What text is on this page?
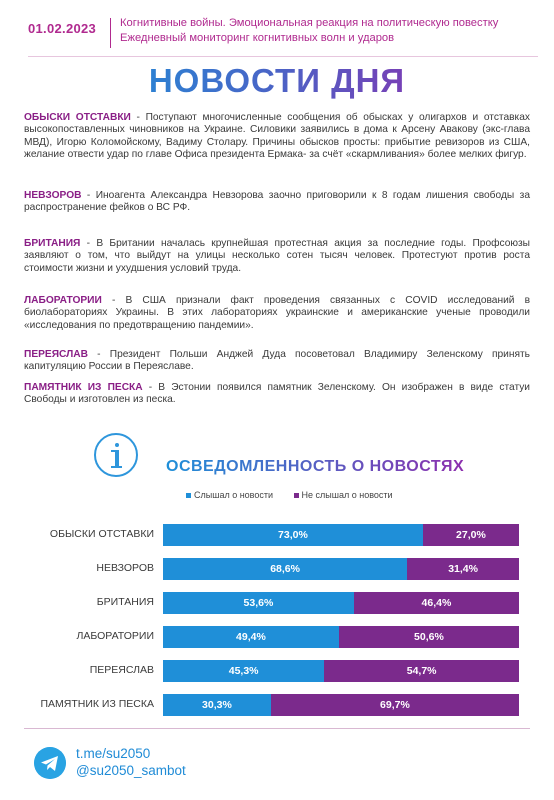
01.02.2023 Когнитивные войны. Эмоциональная реакция на политическую повестку
Ежедневный мониторинг когнитивных волн и ударов
НОВОСТИ ДНЯ
ОБЫСКИ ОТСТАВКИ - Поступают многочисленные сообщения об обысках у олигархов и отставках высокопоставленных чиновников на Украине. Силовики заявились в дома к Арсену Авакову (экс-глава МВД), Игорю Коломойскому, Вадиму Столару. Причины обысков просты: прибытие ревизоров из США, желание отвести удар по главе Офиса президента Ермака- за счёт «скармливания» более мелких фигур.
НЕВЗОРОВ - Иноагента Александра Невзорова заочно приговорили к 8 годам лишения свободы за распространение фейков о ВС РФ.
БРИТАНИЯ - В Британии началась крупнейшая протестная акция за последние годы. Профсоюзы заявляют о том, что выйдут на улицы несколько сотен тысяч человек. Протестуют против роста стоимости жизни и ухудшения условий труда.
ЛАБОРАТОРИИ - В США признали факт проведения связанных с COVID исследований в биолабораториях Украины. В этих лабораториях украинские и американские ученые проводили «исследования по предотвращению пандемии».
ПЕРЕЯСЛАВ - Президент Польши Анджей Дуда посоветовал Владимиру Зеленскому принять капитуляцию России в Переяславе.
ПАМЯТНИК ИЗ ПЕСКА - В Эстонии появился памятник Зеленскому. Он изображен в виде статуи Свободы и изготовлен из песка.
ОСВЕДОМЛЕННОСТЬ О НОВОСТЯХ
Слышал о новости	Не слышал о новости
ОБЫСКИ ОТСТАВКИ	73,0%	27,0%
НЕВЗОРОВ	68,6%	31,4%
БРИТАНИЯ	53,6%	46,4%
ЛАБОРАТОРИИ	49,4%	50,6%
ПЕРЕЯСЛАВ	45,3%	54,7%
ПАМЯТНИК ИЗ ПЕСКА	30,3%	69,7%
t.me/su2050
@su2050_sambot
